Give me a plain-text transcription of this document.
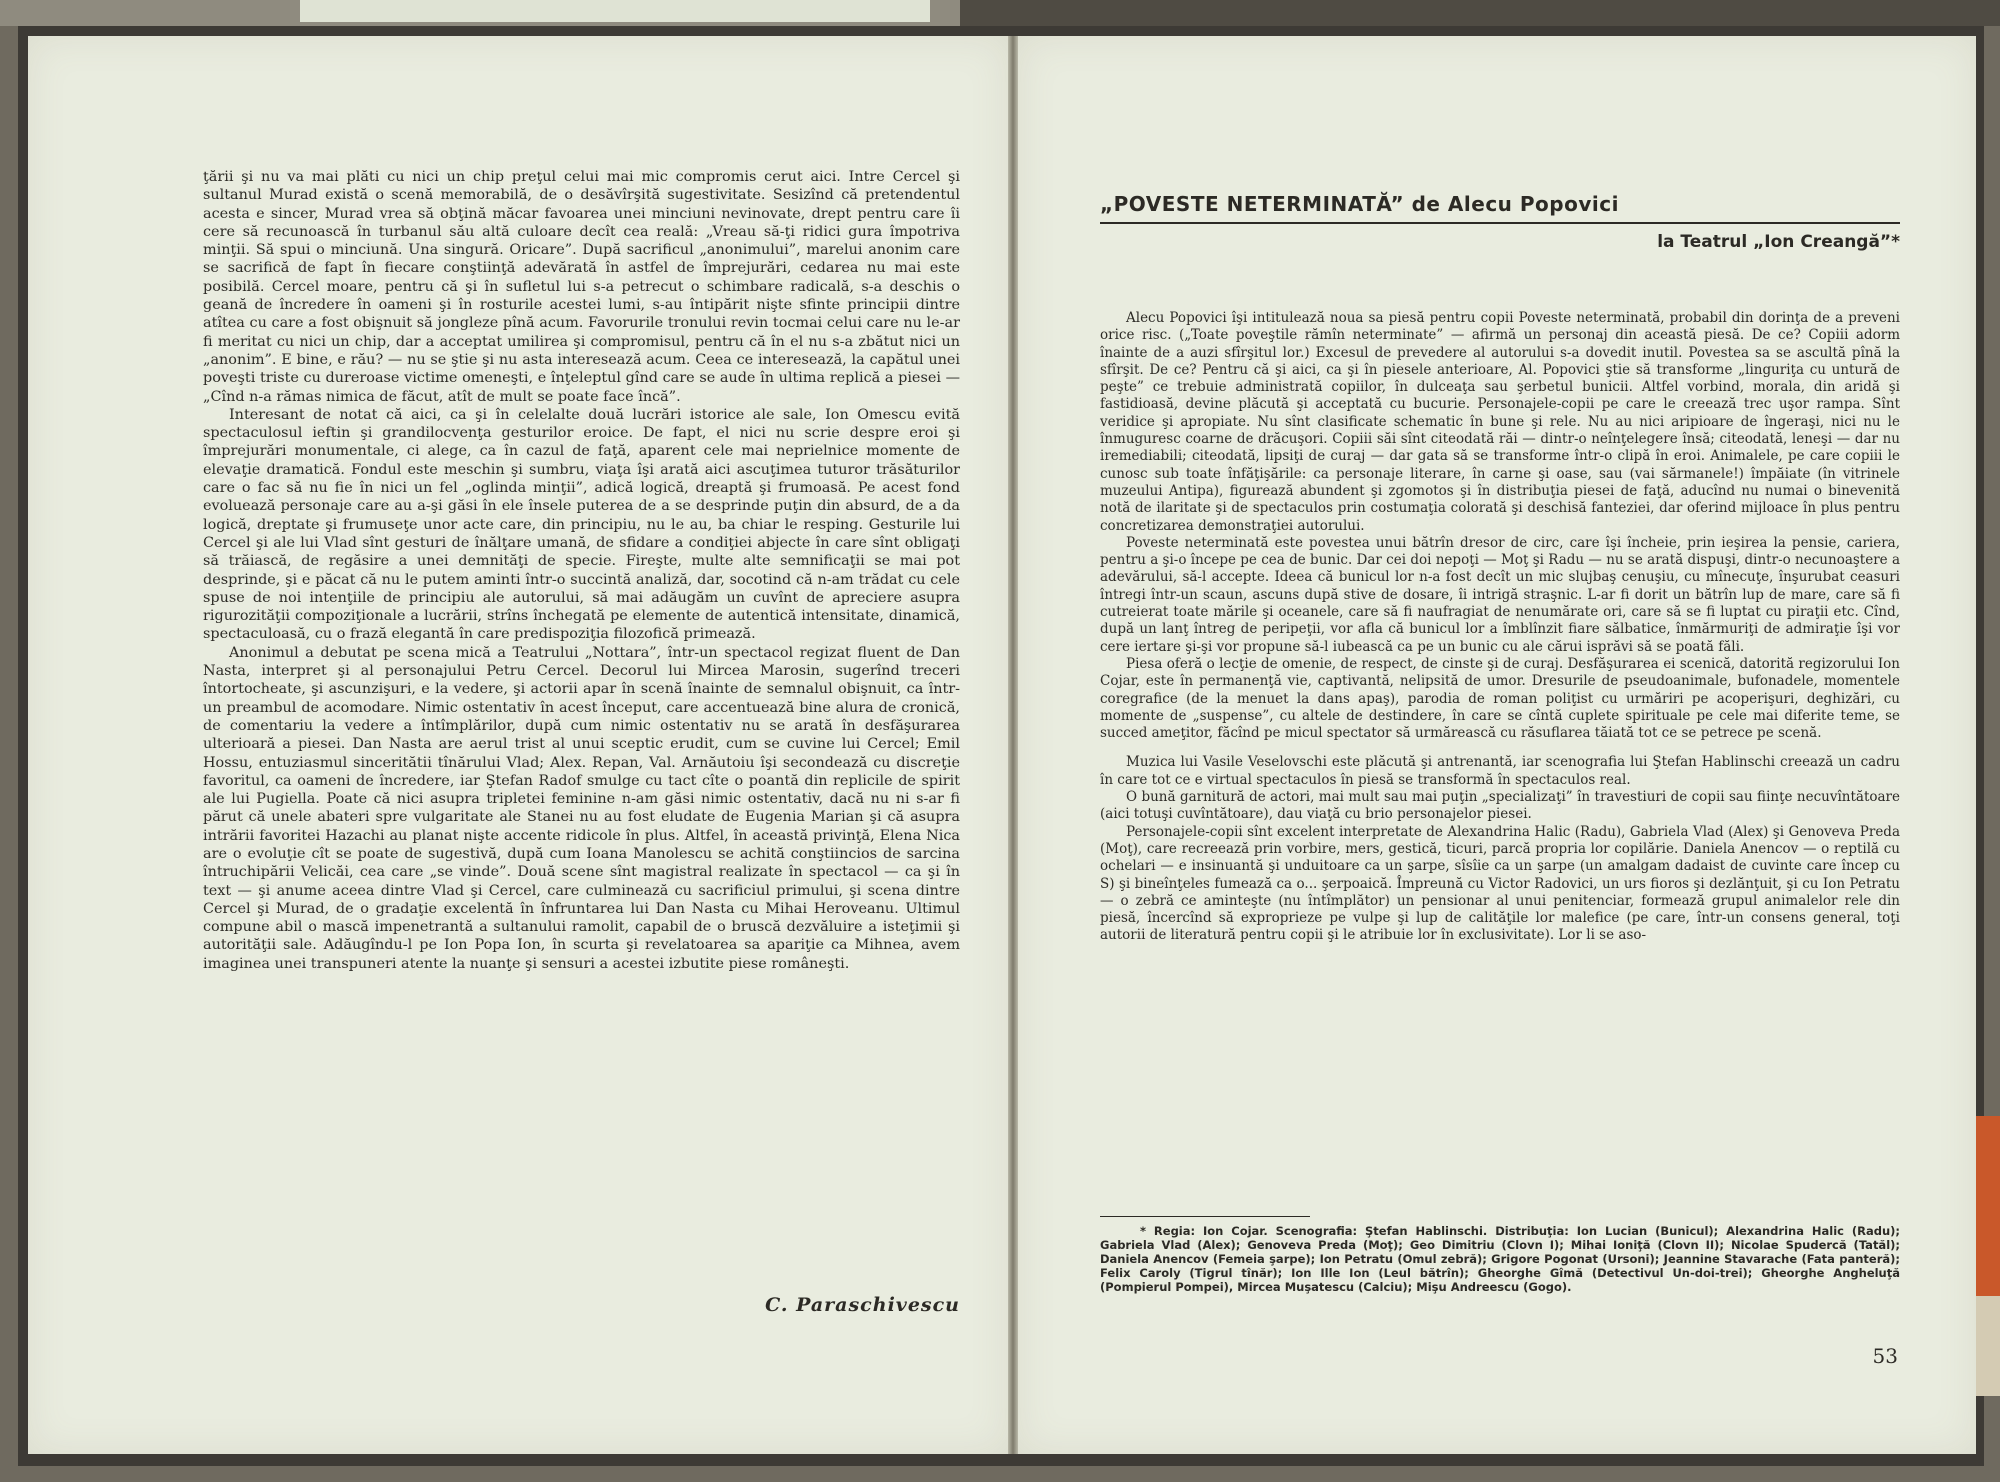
ţării şi nu va mai plăti cu nici un chip preţul celui mai mic compromis cerut aici. Intre Cercel şi sultanul Murad există o scenă memorabilă, de o desăvîrşită sugestivitate. Sesizînd că pretendentul acesta e sincer, Murad vrea să obţină măcar favoarea unei minciuni nevinovate, drept pentru care îi cere să recunoască în turbanul său altă culoare decît cea reală: „Vreau să-ţi ridici gura împotriva minţii. Să spui o minciună. Una singură. Oricare”. După sacrificul „anonimului”, marelui anonim care se sacrifică de fapt în fiecare conştiinţă adevărată în astfel de împrejurări, cedarea nu mai este posibilă. Cercel moare, pentru că şi în sufletul lui s-a petrecut o schimbare radicală, s-a deschis o geană de încredere în oameni şi în rosturile acestei lumi, s-au întipărit nişte sfinte principii dintre atîtea cu care a fost obişnuit să jongleze pînă acum. Favorurile tronului revin tocmai celui care nu le-ar fi meritat cu nici un chip, dar a acceptat umilirea şi compromisul, pentru că în el nu s-a zbătut nici un „anonim”. E bine, e rău? — nu se ştie şi nu asta interesează acum. Ceea ce interesează, la capătul unei poveşti triste cu dureroase victime omeneşti, e înţeleptul gînd care se aude în ultima replică a piesei — „Cînd n-a rămas nimica de făcut, atît de mult se poate face încă”.

Interesant de notat că aici, ca şi în celelalte două lucrări istorice ale sale, Ion Omescu evită spectaculosul ieftin şi grandilocvenţa gesturilor eroice. De fapt, el nici nu scrie despre eroi şi împrejurări monumentale, ci alege, ca în cazul de faţă, aparent cele mai neprielnice momente de elevaţie dramatică. Fondul este meschin şi sumbru, viaţa îşi arată aici ascuţimea tuturor trăsăturilor care o fac să nu fie în nici un fel „oglinda minţii”, adică logică, dreaptă şi frumoasă. Pe acest fond evoluează personaje care au a-şi găsi în ele însele puterea de a se desprinde puţin din absurd, de a da logică, dreptate şi frumuseţe unor acte care, din principiu, nu le au, ba chiar le resping. Gesturile lui Cercel şi ale lui Vlad sînt gesturi de înălţare umană, de sfidare a condiţiei abjecte în care sînt obligaţi să trăiască, de regăsire a unei demnităţi de specie. Fireşte, multe alte semnificaţii se mai pot desprinde, şi e păcat că nu le putem aminti într-o succintă analiză, dar, socotind că n-am trădat cu cele spuse de noi intenţiile de principiu ale autorului, să mai adăugăm un cuvînt de apreciere asupra rigurozităţii compoziţionale a lucrării, strîns închegată pe elemente de autentică intensitate, dinamică, spectaculoasă, cu o frază elegantă în care predispoziţia filozofică primează.

Anonimul a debutat pe scena mică a Teatrului „Nottara”, într-un spectacol regizat fluent de Dan Nasta, interpret şi al personajului Petru Cercel. Decorul lui Mircea Marosin, sugerînd treceri întortocheate, şi ascunzişuri, e la vedere, şi actorii apar în scenă înainte de semnalul obişnuit, ca într-un preambul de acomodare. Nimic ostentativ în acest început, care accentuează bine alura de cronică, de comentariu la vedere a întîmplărilor, după cum nimic ostentativ nu se arată în desfăşurarea ulterioară a piesei. Dan Nasta are aerul trist al unui sceptic erudit, cum se cuvine lui Cercel; Emil Hossu, entuziasmul sinceritătii tînărului Vlad; Alex. Repan, Val. Arnăutoiu îşi secondează cu discreţie favoritul, ca oameni de încredere, iar Ştefan Radof smulge cu tact cîte o poantă din replicile de spirit ale lui Pugiella. Poate că nici asupra tripletei feminine n-am găsi nimic ostentativ, dacă nu ni s-ar fi părut că unele abateri spre vulgaritate ale Stanei nu au fost eludate de Eugenia Marian şi că asupra intrării favoritei Hazachi au planat nişte accente ridicole în plus. Altfel, în această privinţă, Elena Nica are o evoluţie cît se poate de sugestivă, după cum Ioana Manolescu se achită conştiincios de sarcina întruchipării Velicăi, cea care „se vinde”. Două scene sînt magistral realizate în spectacol — ca şi în text — şi anume aceea dintre Vlad şi Cercel, care culminează cu sacrificiul primului, şi scena dintre Cercel şi Murad, de o gradaţie excelentă în înfruntarea lui Dan Nasta cu Mihai Heroveanu. Ultimul compune abil o mască impenetrantă a sultanului ramolit, capabil de o bruscă dezvăluire a isteţimii şi autorităţii sale. Adăugîndu-l pe Ion Popa Ion, în scurta şi revelatoarea sa apariţie ca Mihnea, avem imaginea unei transpuneri atente la nuanţe şi sensuri a acestei izbutite piese româneşti.

C. Paraschivescu
„POVESTE NETERMINATĂ” de Alecu Popovici
la Teatrul „Ion Creangă”*

Alecu Popovici îşi intitulează noua sa piesă pentru copii Poveste neterminată, probabil din dorinţa de a preveni orice risc. („Toate poveştile rămîn neterminate” — afirmă un personaj din această piesă. De ce? Copiii adorm înainte de a auzi sfîrşitul lor.) Excesul de prevedere al autorului s-a dovedit inutil. Povestea sa se ascultă pînă la sfîrşit. De ce? Pentru că şi aici, ca şi în piesele anterioare, Al. Popovici ştie să transforme „linguriţa cu untură de peşte” ce trebuie administrată copiilor, în dulceaţa sau şerbetul bunicii. Altfel vorbind, morala, din aridă şi fastidioasă, devine plăcută şi acceptată cu bucurie. Personajele-copii pe care le creează trec uşor rampa. Sînt veridice şi apropiate. Nu sînt clasificate schematic în bune şi rele. Nu au nici aripioare de îngeraşi, nici nu le înmuguresc coarne de drăcuşori. Copiii săi sînt citeodată răi — dintr-o neînţelegere însă; citeodată, leneşi — dar nu iremediabili; citeodată, lipsiţi de curaj — dar gata să se transforme într-o clipă în eroi. Animalele, pe care copiii le cunosc sub toate înfăţişările: ca personaje literare, în carne şi oase, sau (vai sărmanele!) împăiate (în vitrinele muzeului Antipa), figurează abundent şi zgomotos şi în distribuţia piesei de faţă, aducînd nu numai o binevenită notă de ilaritate şi de spectaculos prin costumaţia colorată şi deschisă fanteziei, dar oferind mijloace în plus pentru concretizarea demonstraţiei autorului.

Poveste neterminată este povestea unui bătrîn dresor de circ, care îşi încheie, prin ieşirea la pensie, cariera, pentru a şi-o începe pe cea de bunic. Dar cei doi nepoţi — Moţ şi Radu — nu se arată dispuşi, dintr-o necunoaştere a adevărului, să-l accepte. Ideea că bunicul lor n-a fost decît un mic slujbaş cenuşiu, cu mînecuţe, înşurubat ceasuri întregi într-un scaun, ascuns după stive de dosare, îi intrigă straşnic. L-ar fi dorit un bătrîn lup de mare, care să fi cutreierat toate mările şi oceanele, care să fi naufragiat de nenumărate ori, care să se fi luptat cu piraţii etc. Cînd, după un lanţ întreg de peripeţii, vor afla că bunicul lor a îmblînzit fiare sălbatice, înmărmuriţi de admiraţie îşi vor cere iertare şi-şi vor propune să-l iubească ca pe un bunic cu ale cărui isprăvi să se poată făli.

Piesa oferă o lecţie de omenie, de respect, de cinste şi de curaj. Desfăşurarea ei scenică, datorită regizorului Ion Cojar, este în permanenţă vie, captivantă, nelipsită de umor. Dresurile de pseudoanimale, bufonadele, momentele coregrafice (de la menuet la dans apaş), parodia de roman poliţist cu urmăriri pe acoperişuri, deghizări, cu momente de „suspense”, cu altele de destindere, în care se cîntă cuplete spirituale pe cele mai diferite teme, se succed ameţitor, făcînd pe micul spectator să urmărească cu răsuflarea tăiată tot ce se petrece pe scenă.

Muzica lui Vasile Veselovschi este plăcută şi antrenantă, iar scenografia lui Ştefan Hablinschi creează un cadru în care tot ce e virtual spectaculos în piesă se transformă în spectaculos real.

O bună garnitură de actori, mai mult sau mai puţin „specializaţi” în travestiuri de copii sau fiinţe necuvîntătoare (aici totuşi cuvîntătoare), dau viaţă cu brio personajelor piesei.

Personajele-copii sînt excelent interpretate de Alexandrina Halic (Radu), Gabriela Vlad (Alex) şi Genoveva Preda (Moţ), care recreează prin vorbire, mers, gestică, ticuri, parcă propria lor copilărie. Daniela Anencov — o reptilă cu ochelari — e insinuantă şi unduitoare ca un şarpe, sîsîie ca un şarpe (un amalgam dadaist de cuvinte care încep cu S) şi bineînţeles fumează ca o... şerpoaică. Împreună cu Victor Radovici, un urs fioros şi dezlănţuit, şi cu Ion Petratu — o zebră ce aminteşte (nu întîmplător) un pensionar al unui penitenciar, formează grupul animalelor rele din piesă, încercînd să exproprieze pe vulpe şi lup de calităţile lor malefice (pe care, într-un consens general, toţi autorii de literatură pentru copii şi le atribuie lor în exclusivitate). Lor li se aso-

* Regia: Ion Cojar. Scenografia: Ştefan Hablinschi. Distribuţia: Ion Lucian (Bunicul); Alexandrina Halic (Radu); Gabriela Vlad (Alex); Genoveva Preda (Moţ); Geo Dimitriu (Clovn I); Mihai Ioniţă (Clovn II); Nicolae Spudercă (Tatăl); Daniela Anencov (Femeia şarpe); Ion Petratu (Omul zebră); Grigore Pogonat (Ursoni); Jeannine Stavarache (Fata panteră); Felix Caroly (Tigrul tînăr); Ion Ille Ion (Leul bătrîn); Gheorghe Gîmă (Detectivul Un-doi-trei); Gheorghe Angheluţă (Pompierul Pompei), Mircea Muşatescu (Calciu); Mişu Andreescu (Gogo).
53
